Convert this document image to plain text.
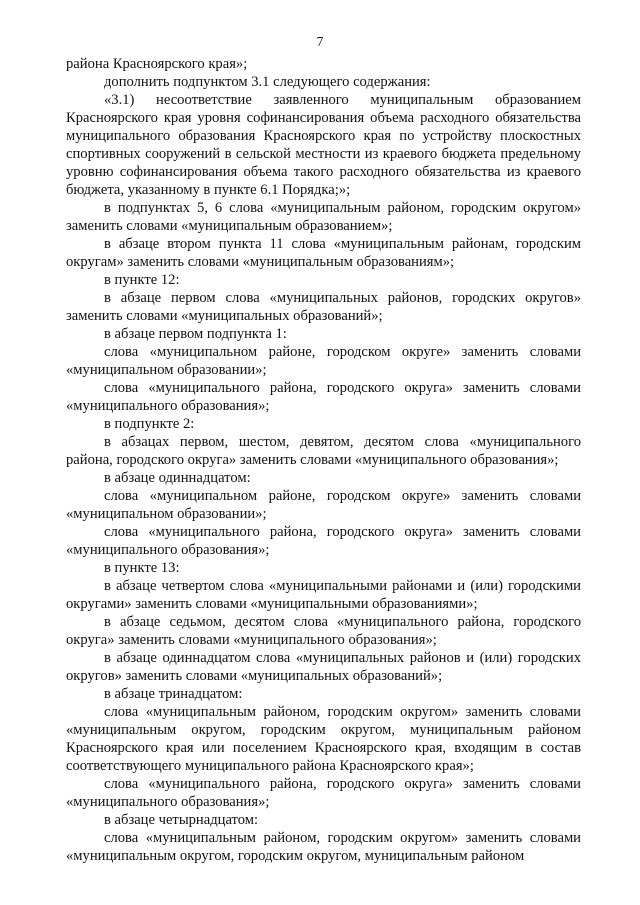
7

района Красноярского края»;

дополнить подпунктом 3.1 следующего содержания:

«3.1) несоответствие заявленного муниципальным образованием Красноярского края уровня софинансирования объема расходного обязательства муниципального образования Красноярского края по устройству плоскостных спортивных сооружений в сельской местности из краевого бюджета предельному уровню софинансирования объема такого расходного обязательства из краевого бюджета, указанному в пункте 6.1 Порядка;»;

в подпунктах 5, 6 слова «муниципальным районом, городским округом» заменить словами «муниципальным образованием»;

в абзаце втором пункта 11 слова «муниципальным районам, городским округам» заменить словами «муниципальным образованиям»;

в пункте 12:

в абзаце первом слова «муниципальных районов, городских округов» заменить словами «муниципальных образований»;

в абзаце первом подпункта 1:

слова «муниципальном районе, городском округе» заменить словами «муниципальном образовании»;

слова «муниципального района, городского округа» заменить словами «муниципального образования»;

в подпункте 2:

в абзацах первом, шестом, девятом, десятом слова «муниципального района, городского округа» заменить словами «муниципального образования»;

в абзаце одиннадцатом:

слова «муниципальном районе, городском округе» заменить словами «муниципальном образовании»;

слова «муниципального района, городского округа» заменить словами «муниципального образования»;

в пункте 13:

в абзаце четвертом слова «муниципальными районами и (или) городскими округами» заменить словами «муниципальными образованиями»;

в абзаце седьмом, десятом слова «муниципального района, городского округа» заменить словами «муниципального образования»;

в абзаце одиннадцатом слова «муниципальных районов и (или) городских округов» заменить словами «муниципальных образований»;

в абзаце тринадцатом:

слова «муниципальным районом, городским округом» заменить словами «муниципальным округом, городским округом, муниципальным районом Красноярского края или поселением Красноярского края, входящим в состав соответствующего муниципального района Красноярского края»;

слова «муниципального района, городского округа» заменить словами «муниципального образования»;

в абзаце четырнадцатом:

слова «муниципальным районом, городским округом» заменить словами «муниципальным округом, городским округом, муниципальным районом
